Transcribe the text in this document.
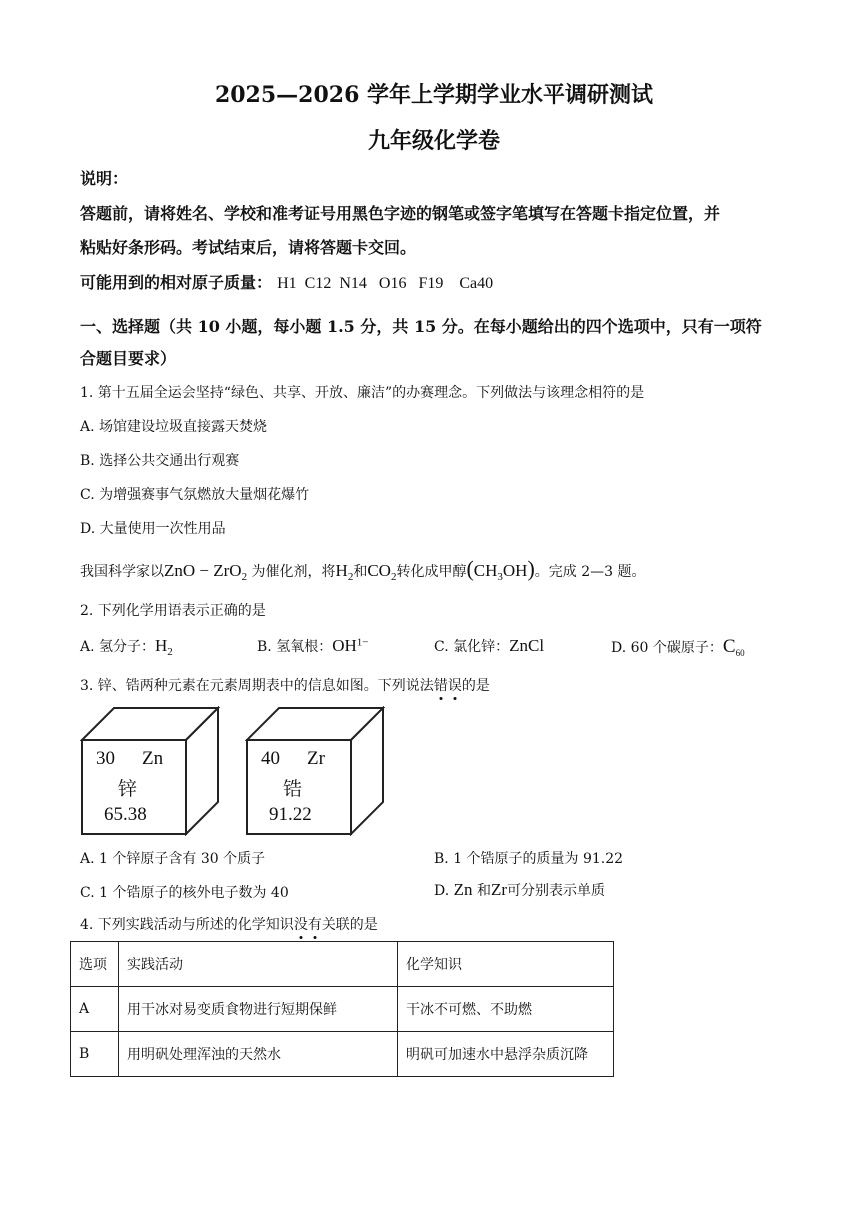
2025—2026 学年上学期学业水平调研测试
九年级化学卷
说明：
答题前，请将姓名、学校和准考证号用黑色字迹的钢笔或签字笔填写在答题卡指定位置，并
粘贴好条形码。考试结束后，请将答题卡交回。
可能用到的相对原子质量： H1  C12  N14   O16   F19    Ca40
一、选择题（共 10 小题，每小题 1.5 分，共 15 分。在每小题给出的四个选项中，只有一项符
合题目要求）
1. 第十五届全运会坚持“绿色、共享、开放、廉洁”的办赛理念。下列做法与该理念相符的是
A. 场馆建设垃圾直接露天焚烧
B. 选择公共交通出行观赛
C. 为增强赛事气氛燃放大量烟花爆竹
D. 大量使用一次性用品
我国科学家以ZnO − ZrO$_2$ 为催化剂，将$H_2$和$CO_2$转化成甲醇$(CH_3OH)$。完成 2—3 题。
2. 下列化学用语表示正确的是
A. 氢分子：$H_2$	B. 氢氧根：$OH^{1-}$	C. 氯化锌：ZnCl	D. 60 个碳原子：$C_{60}$
3. 锌、锆两种元素在元素周期表中的信息如图。下列说法错
误
的是
30 Zn
锌
65.38
40 Zr
锆
91.22
A. 1 个锌原子含有 30 个质子	B. 1 个锆原子的质量为 91.22
C. 1 个锆原子的核外电子数为 40	D. Zn 和Zr可分别表示单质
4. 下列实践活动与所述的化学知识没
有
关联的是
选项	实践活动	化学知识
A	用干冰对易变质食物进行短期保鲜	干冰不可燃、不助燃
B	用明矾处理浑浊的天然水	明矾可加速水中悬浮杂质沉降
